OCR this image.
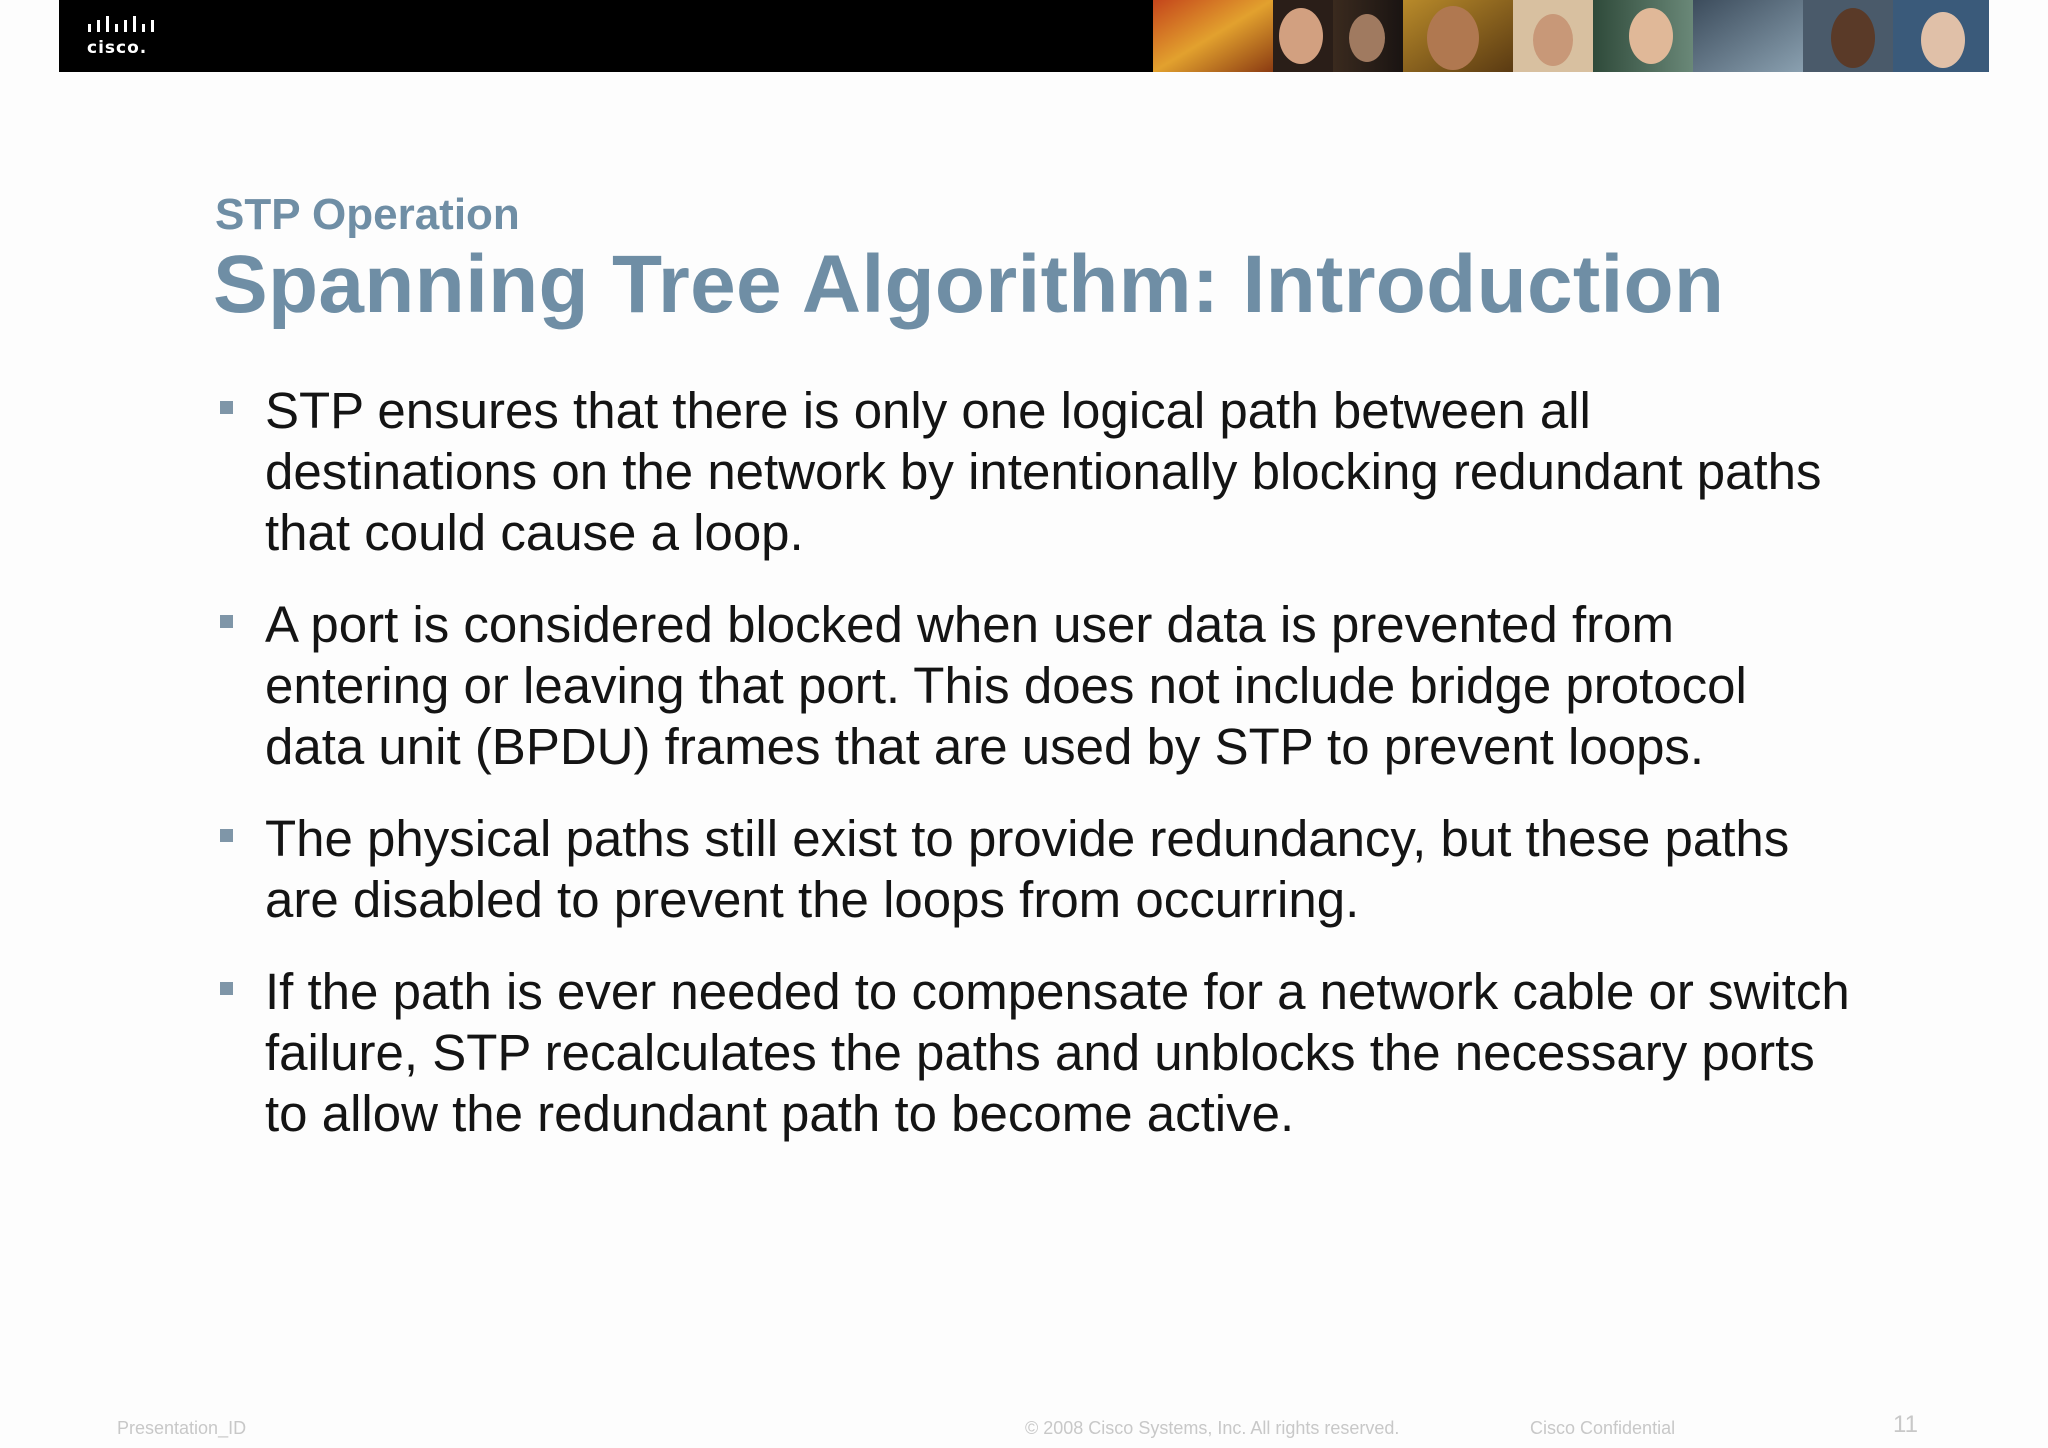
cisco.
STP Operation
Spanning Tree Algorithm: Introduction
STP ensures that there is only one logical path between all destinations on the network by intentionally blocking redundant paths that could cause a loop.
A port is considered blocked when user data is prevented from entering or leaving that port. This does not include bridge protocol data unit (BPDU) frames that are used by STP to prevent loops.
The physical paths still exist to provide redundancy, but these paths are disabled to prevent the loops from occurring.
If the path is ever needed to compensate for a network cable or switch failure, STP recalculates the paths and unblocks the necessary ports to allow the redundant path to become active.
Presentation_ID	© 2008 Cisco Systems, Inc. All rights reserved.	Cisco Confidential	11
